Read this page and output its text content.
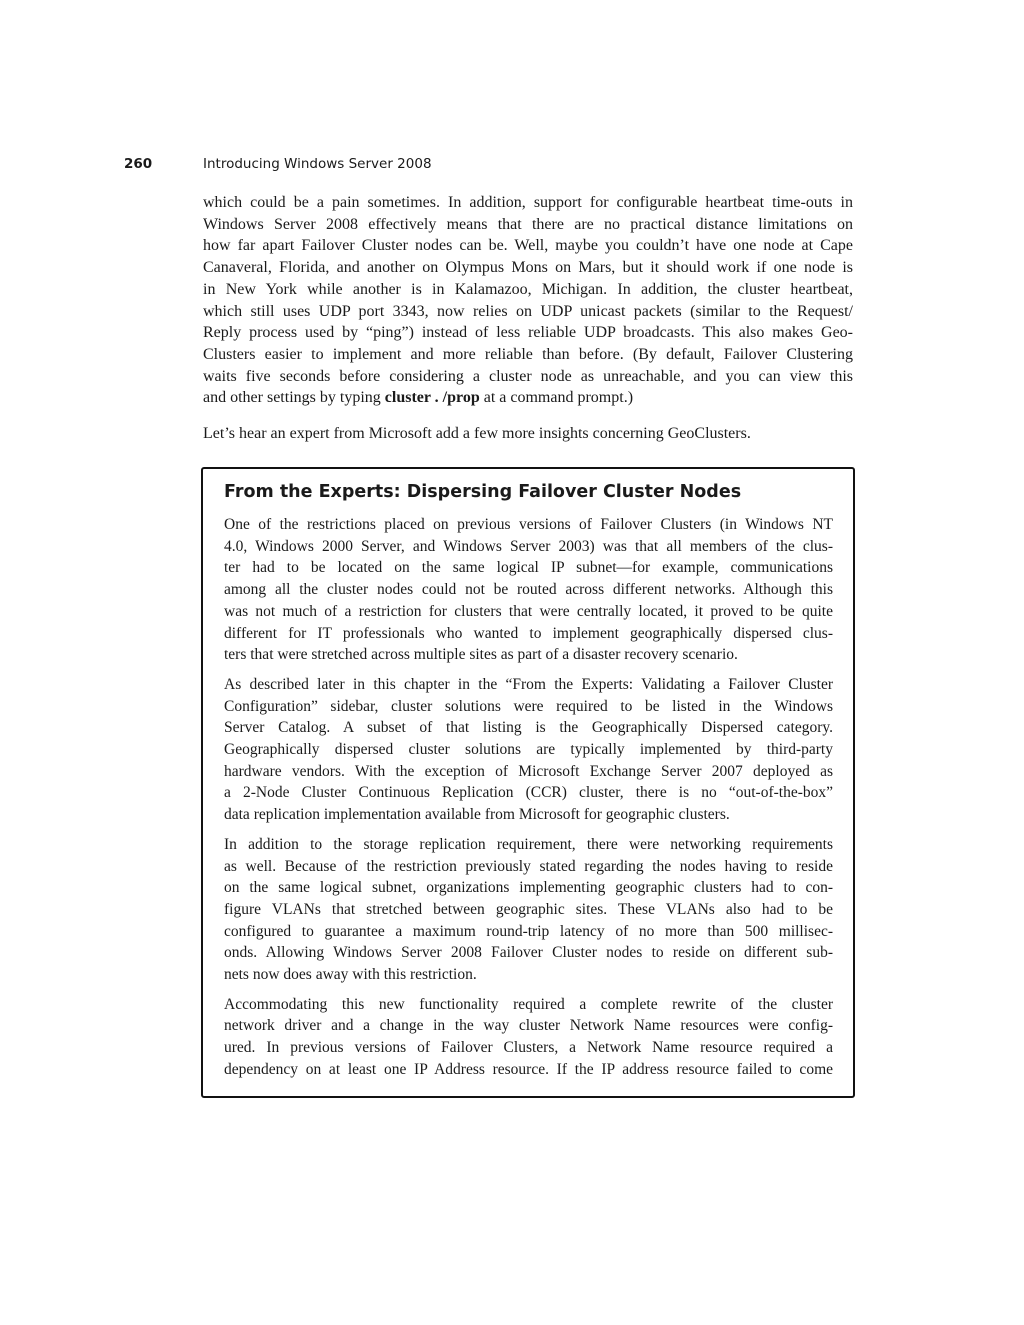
260	Introducing Windows Server 2008
which could be a pain sometimes. In addition, support for configurable heartbeat time-outs in
Windows Server 2008 effectively means that there are no practical distance limitations on
how far apart Failover Cluster nodes can be. Well, maybe you couldn’t have one node at Cape
Canaveral, Florida, and another on Olympus Mons on Mars, but it should work if one node is
in New York while another is in Kalamazoo, Michigan. In addition, the cluster heartbeat,
which still uses UDP port 3343, now relies on UDP unicast packets (similar to the Request/
Reply process used by “ping”) instead of less reliable UDP broadcasts. This also makes Geo-
Clusters easier to implement and more reliable than before. (By default, Failover Clustering
waits five seconds before considering a cluster node as unreachable, and you can view this
and other settings by typing cluster . /prop at a command prompt.)
Let’s hear an expert from Microsoft add a few more insights concerning GeoClusters.
From the Experts: Dispersing Failover Cluster Nodes
One of the restrictions placed on previous versions of Failover Clusters (in Windows NT
4.0, Windows 2000 Server, and Windows Server 2003) was that all members of the clus-
ter had to be located on the same logical IP subnet—for example, communications
among all the cluster nodes could not be routed across different networks. Although this
was not much of a restriction for clusters that were centrally located, it proved to be quite
different for IT professionals who wanted to implement geographically dispersed clus-
ters that were stretched across multiple sites as part of a disaster recovery scenario.
As described later in this chapter in the “From the Experts: Validating a Failover Cluster
Configuration” sidebar, cluster solutions were required to be listed in the Windows
Server Catalog. A subset of that listing is the Geographically Dispersed category.
Geographically dispersed cluster solutions are typically implemented by third-party
hardware vendors. With the exception of Microsoft Exchange Server 2007 deployed as
a 2-Node Cluster Continuous Replication (CCR) cluster, there is no “out-of-the-box”
data replication implementation available from Microsoft for geographic clusters.
In addition to the storage replication requirement, there were networking requirements
as well. Because of the restriction previously stated regarding the nodes having to reside
on the same logical subnet, organizations implementing geographic clusters had to con-
figure VLANs that stretched between geographic sites. These VLANs also had to be
configured to guarantee a maximum round-trip latency of no more than 500 millisec-
onds. Allowing Windows Server 2008 Failover Cluster nodes to reside on different sub-
nets now does away with this restriction.
Accommodating this new functionality required a complete rewrite of the cluster
network driver and a change in the way cluster Network Name resources were config-
ured. In previous versions of Failover Clusters, a Network Name resource required a
dependency on at least one IP Address resource. If the IP address resource failed to come
